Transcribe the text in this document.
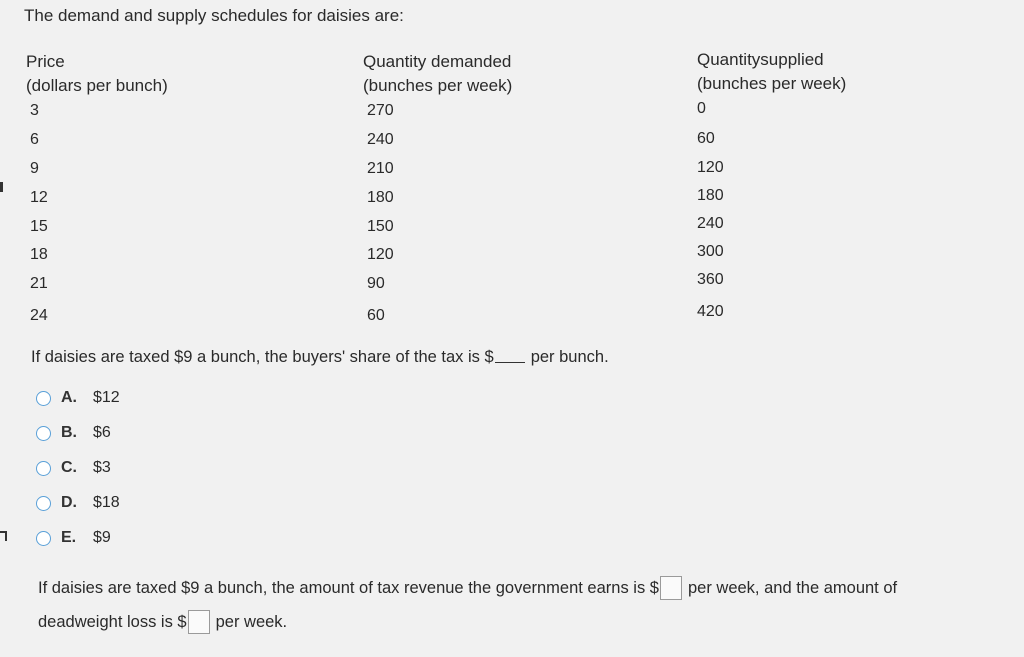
The demand and supply schedules for daisies are:
Price
(dollars per bunch)
Quantity demanded
(bunches per week)
Quantitysupplied
(bunches per week)
3	270	0
6	240	60
9	210	120
12	180	180
15	150	240
18	120	300
21	90	360
24	60	420
If daisies are taxed $9 a bunch, the buyers' share of the tax is $ per bunch.
A.	$12
B.	$6
C.	$3
D.	$18
E.	$9
If daisies are taxed $9 a bunch, the amount of tax revenue the government earns is $ per week, and the amount of
deadweight loss is $ per week.
